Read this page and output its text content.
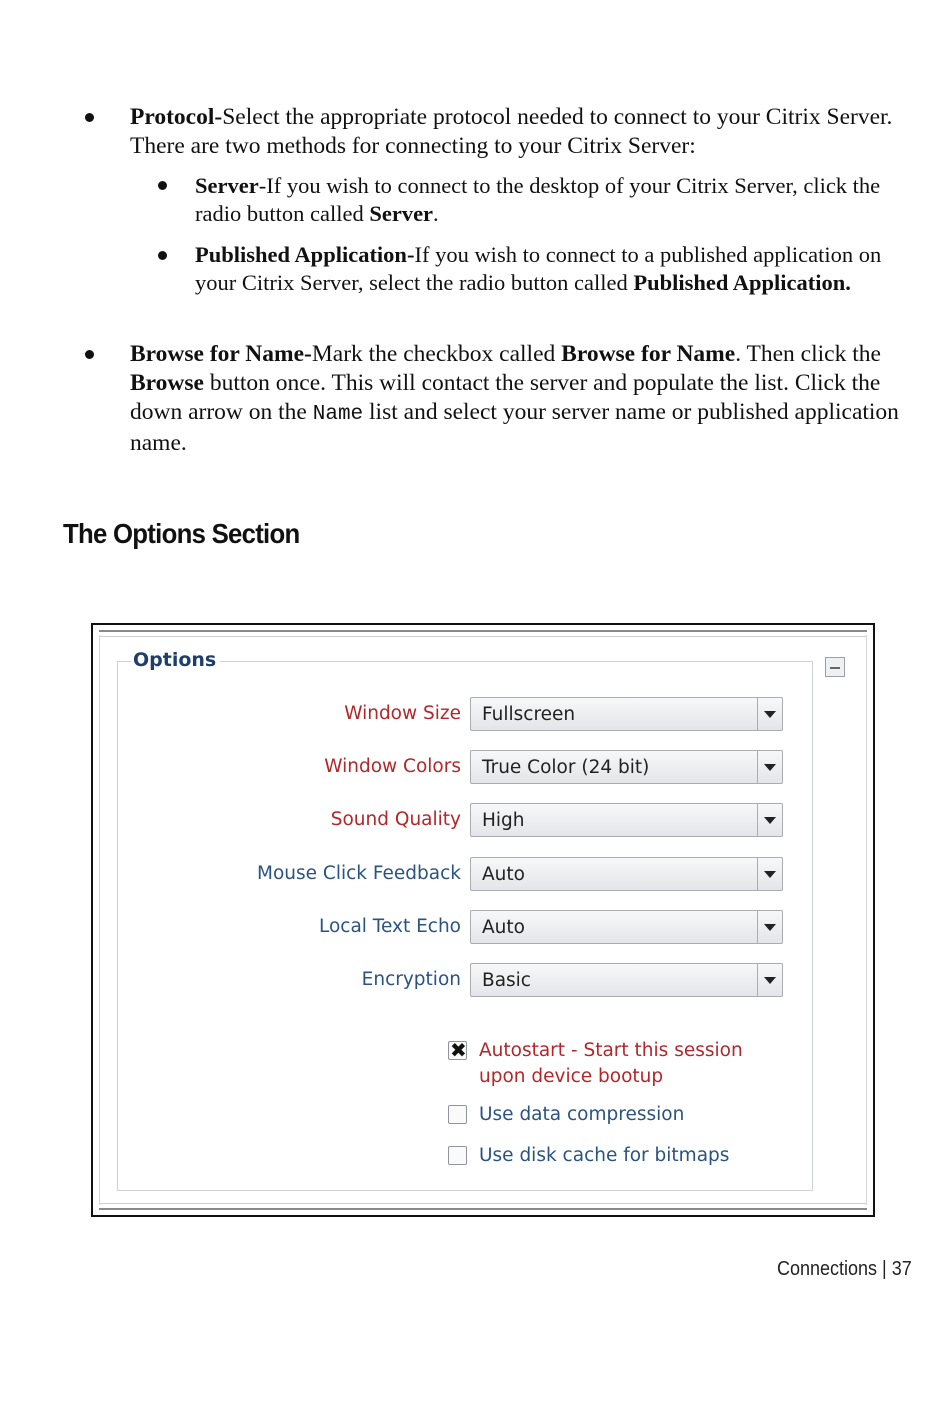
Protocol-Select the appropriate protocol needed to connect to your Citrix Server. There are two methods for connecting to your Citrix Server:
Server-If you wish to connect to the desktop of your Citrix Server, click the radio button called Server.
Published Application-If you wish to connect to a published application on your Citrix Server, select the radio button called Published Application.
Browse for Name-Mark the checkbox called Browse for Name. Then click the Browse button once. This will contact the server and populate the list. Click the down arrow on the Name list and select your server name or published application name.
The Options Section
Options
Window Size Fullscreen
Window Colors True Color (24 bit)
Sound Quality High
Mouse Click Feedback Auto
Local Text Echo Auto
Encryption Basic
✖ Autostart - Start this session
upon device bootup
Use data compression
Use disk cache for bitmaps
Connections | 37
